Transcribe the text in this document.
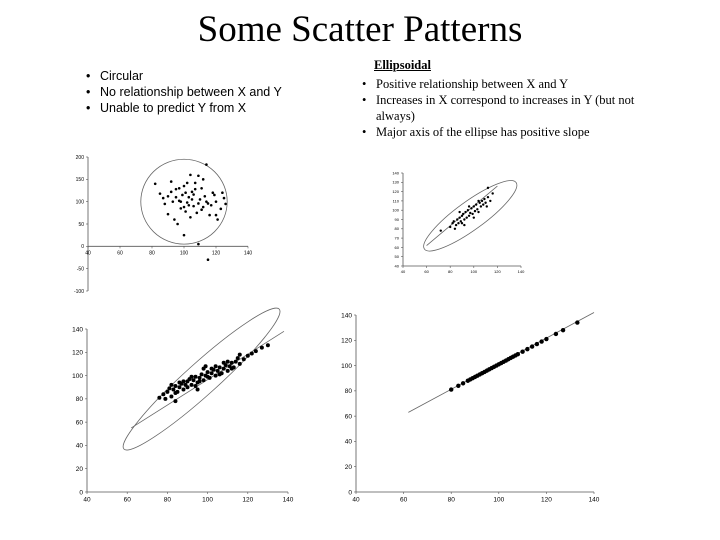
Some Scatter Patterns
• Circular
• No relationship between X and Y
• Unable to predict Y from X
Ellipsoidal
• Positive relationship between X and Y
• Increases in X correspond to increases in Y (but not always)
• Major axis of the ellipse has positive slope
-100
-50
0
50
100
150
200
40	60	80	100	120	140
40
50
60
70
80
90
100
110
120
130
140
40	60	80	100	120	140
0
20
40
60
80
100
120
140
40	60	80	100	120	140
0
20
40
60
80
100
120
140
40	60	80	100	120	140
